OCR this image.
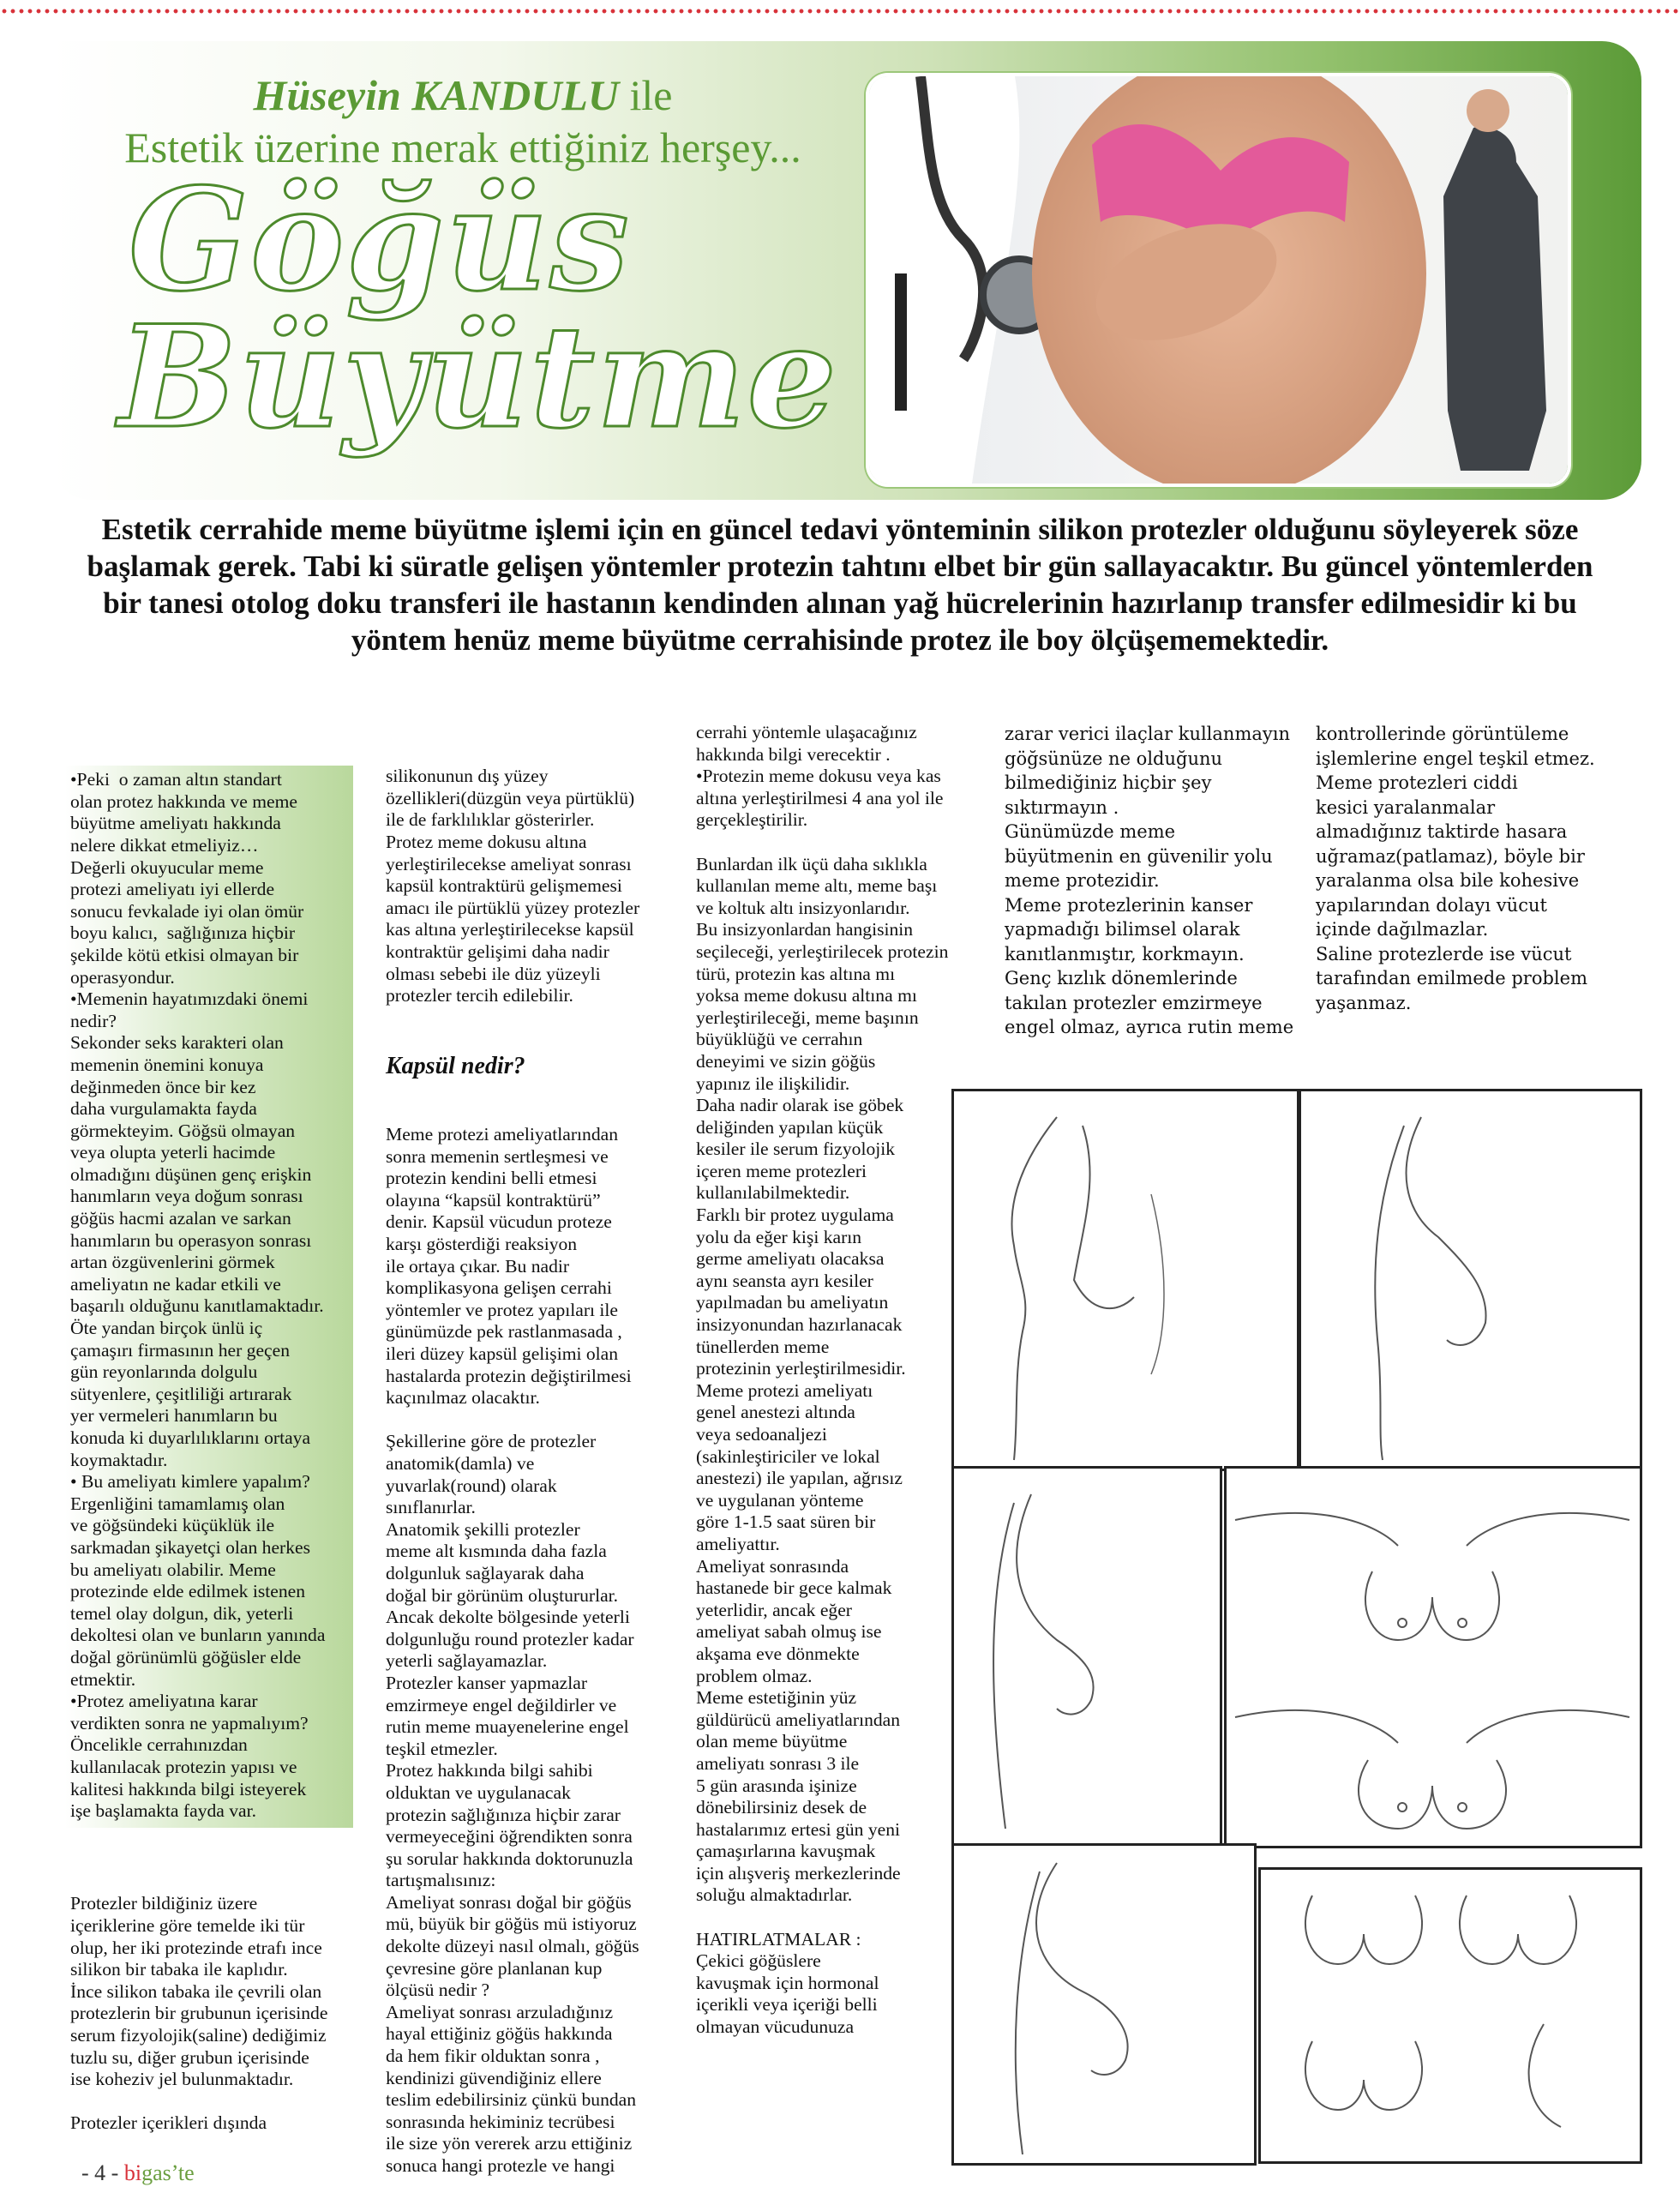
Hüseyin KANDULU ile
Estetik üzerine merak ettiğiniz herşey...
Göğüs
Büyütme
Estetik cerrahide meme büyütme işlemi için en güncel tedavi yönteminin silikon protezler olduğunu söyleyerek söze başlamak gerek. Tabi ki süratle gelişen yöntemler protezin tahtını elbet bir gün sallayacaktır. Bu güncel yöntemlerden bir tanesi otolog doku transferi ile hastanın kendinden alınan yağ hücrelerinin hazırlanıp transfer edilmesidir ki bu yöntem henüz meme büyütme cerrahisinde protez ile boy ölçüşememektedir.

•Peki  o zaman altın standart
olan protez hakkında ve meme
büyütme ameliyatı hakkında
nelere dikkat etmeliyiz…
Değerli okuyucular meme
protezi ameliyatı iyi ellerde
sonucu fevkalade iyi olan ömür
boyu kalıcı,  sağlığınıza hiçbir
şekilde kötü etkisi olmayan bir
operasyondur.
•Memenin hayatımızdaki önemi
nedir?
Sekonder seks karakteri olan
memenin önemini konuya
değinmeden önce bir kez
daha vurgulamakta fayda
görmekteyim. Göğsü olmayan
veya olupta yeterli hacimde
olmadığını düşünen genç erişkin
hanımların veya doğum sonrası
göğüs hacmi azalan ve sarkan
hanımların bu operasyon sonrası
artan özgüvenlerini görmek
ameliyatın ne kadar etkili ve
başarılı olduğunu kanıtlamaktadır.
Öte yandan birçok ünlü iç
çamaşırı firmasının her geçen
gün reyonlarında dolgulu
sütyenlere, çeşitliliği artırarak
yer vermeleri hanımların bu
konuda ki duyarlılıklarını ortaya
koymaktadır.
• Bu ameliyatı kimlere yapalım?
Ergenliğini tamamlamış olan
ve göğsündeki küçüklük ile
sarkmadan şikayetçi olan herkes
bu ameliyatı olabilir. Meme
protezinde elde edilmek istenen
temel olay dolgun, dik, yeterli
dekoltesi olan ve bunların yanında
doğal görünümlü göğüsler elde
etmektir.
•Protez ameliyatına karar
verdikten sonra ne yapmalıyım?
Öncelikle cerrahınızdan
kullanılacak protezin yapısı ve
kalitesi hakkında bilgi isteyerek
işe başlamakta fayda var.

Protezler bildiğiniz üzere
içeriklerine göre temelde iki tür
olup, her iki protezinde etrafı ince
silikon bir tabaka ile kaplıdır.
İnce silikon tabaka ile çevrili olan
protezlerin bir grubunun içerisinde
serum fizyolojik(saline) dediğimiz
tuzlu su, diğer grubun içerisinde
ise koheziv jel bulunmaktadır.

Protezler içerikleri dışında

silikonunun dış yüzey
özellikleri(düzgün veya pürtüklü)
ile de farklılıklar gösterirler.
Protez meme dokusu altına
yerleştirilecekse ameliyat sonrası
kapsül kontraktürü gelişmemesi
amacı ile pürtüklü yüzey protezler
kas altına yerleştirilecekse kapsül
kontraktür gelişimi daha nadir
olması sebebi ile düz yüzeyli
protezler tercih edilebilir.

Kapsül nedir?

Meme protezi ameliyatlarından
sonra memenin sertleşmesi ve
protezin kendini belli etmesi
olayına “kapsül kontraktürü”
denir. Kapsül vücudun proteze
karşı gösterdiği reaksiyon
ile ortaya çıkar. Bu nadir
komplikasyona gelişen cerrahi
yöntemler ve protez yapıları ile
günümüzde pek rastlanmasada ,
ileri düzey kapsül gelişimi olan
hastalarda protezin değiştirilmesi
kaçınılmaz olacaktır.

Şekillerine göre de protezler
anatomik(damla) ve
yuvarlak(round) olarak
sınıflanırlar.
Anatomik şekilli protezler
meme alt kısmında daha fazla
dolgunluk sağlayarak daha
doğal bir görünüm oluştururlar.
Ancak dekolte bölgesinde yeterli
dolgunluğu round protezler kadar
yeterli sağlayamazlar.
Protezler kanser yapmazlar
emzirmeye engel değildirler ve
rutin meme muayenelerine engel
teşkil etmezler.
Protez hakkında bilgi sahibi
olduktan ve uygulanacak
protezin sağlığınıza hiçbir zarar
vermeyeceğini öğrendikten sonra
şu sorular hakkında doktorunuzla
tartışmalısınız:
Ameliyat sonrası doğal bir göğüs
mü, büyük bir göğüs mü istiyoruz
dekolte düzeyi nasıl olmalı, göğüs
çevresine göre planlanan kup
ölçüsü nedir ?
Ameliyat sonrası arzuladığınız
hayal ettiğiniz göğüs hakkında
da hem fikir olduktan sonra ,
kendinizi güvendiğiniz ellere
teslim edebilirsiniz çünkü bundan
sonrasında hekiminiz tecrübesi
ile size yön vererek arzu ettiğiniz
sonuca hangi protezle ve hangi

cerrahi yöntemle ulaşacağınız
hakkında bilgi verecektir .
•Protezin meme dokusu veya kas
altına yerleştirilmesi 4 ana yol ile
gerçekleştirilir.

Bunlardan ilk üçü daha sıklıkla
kullanılan meme altı, meme başı
ve koltuk altı insizyonlarıdır.
Bu insizyonlardan hangisinin
seçileceği, yerleştirilecek protezin
türü, protezin kas altına mı
yoksa meme dokusu altına mı
yerleştirileceği, meme başının
büyüklüğü ve cerrahın
deneyimi ve sizin göğüs
yapınız ile ilişkilidir.
Daha nadir olarak ise göbek
deliğinden yapılan küçük
kesiler ile serum fizyolojik
içeren meme protezleri
kullanılabilmektedir.
Farklı bir protez uygulama
yolu da eğer kişi karın
germe ameliyatı olacaksa
aynı seansta ayrı kesiler
yapılmadan bu ameliyatın
insizyonundan hazırlanacak
tünellerden meme
protezinin yerleştirilmesidir.
Meme protezi ameliyatı
genel anestezi altında
veya sedoanaljezi
(sakinleştiriciler ve lokal
anestezi) ile yapılan, ağrısız
ve uygulanan yönteme
göre 1-1.5 saat süren bir
ameliyattır.
Ameliyat sonrasında
hastanede bir gece kalmak
yeterlidir, ancak eğer
ameliyat sabah olmuş ise
akşama eve dönmekte
problem olmaz.
Meme estetiğinin yüz
güldürücü ameliyatlarından
olan meme büyütme
ameliyatı sonrası 3 ile
5 gün arasında işinize
dönebilirsiniz desek de
hastalarımız ertesi gün yeni
çamaşırlarına kavuşmak
için alışveriş merkezlerinde
soluğu almaktadırlar.

HATIRLATMALAR :
Çekici göğüslere
kavuşmak için hormonal
içerikli veya içeriği belli
olmayan vücudunuza
zarar verici ilaçlar kullanmayın
göğsünüze ne olduğunu
bilmediğiniz hiçbir şey
sıktırmayın .
Günümüzde meme
büyütmenin en güvenilir yolu
meme protezidir.
Meme protezlerinin kanser
yapmadığı bilimsel olarak
kanıtlanmıştır, korkmayın.
Genç kızlık dönemlerinde
takılan protezler emzirmeye
engel olmaz, ayrıca rutin meme
kontrollerinde görüntüleme
işlemlerine engel teşkil etmez.
Meme protezleri ciddi
kesici yaralanmalar
almadığınız taktirde hasara
uğramaz(patlamaz), böyle bir
yaralanma olsa bile kohesive
yapılarından dolayı vücut
içinde dağılmazlar.
Saline protezlerde ise vücut
tarafından emilmede problem
yaşanmaz.
- 4 - bigas’te
